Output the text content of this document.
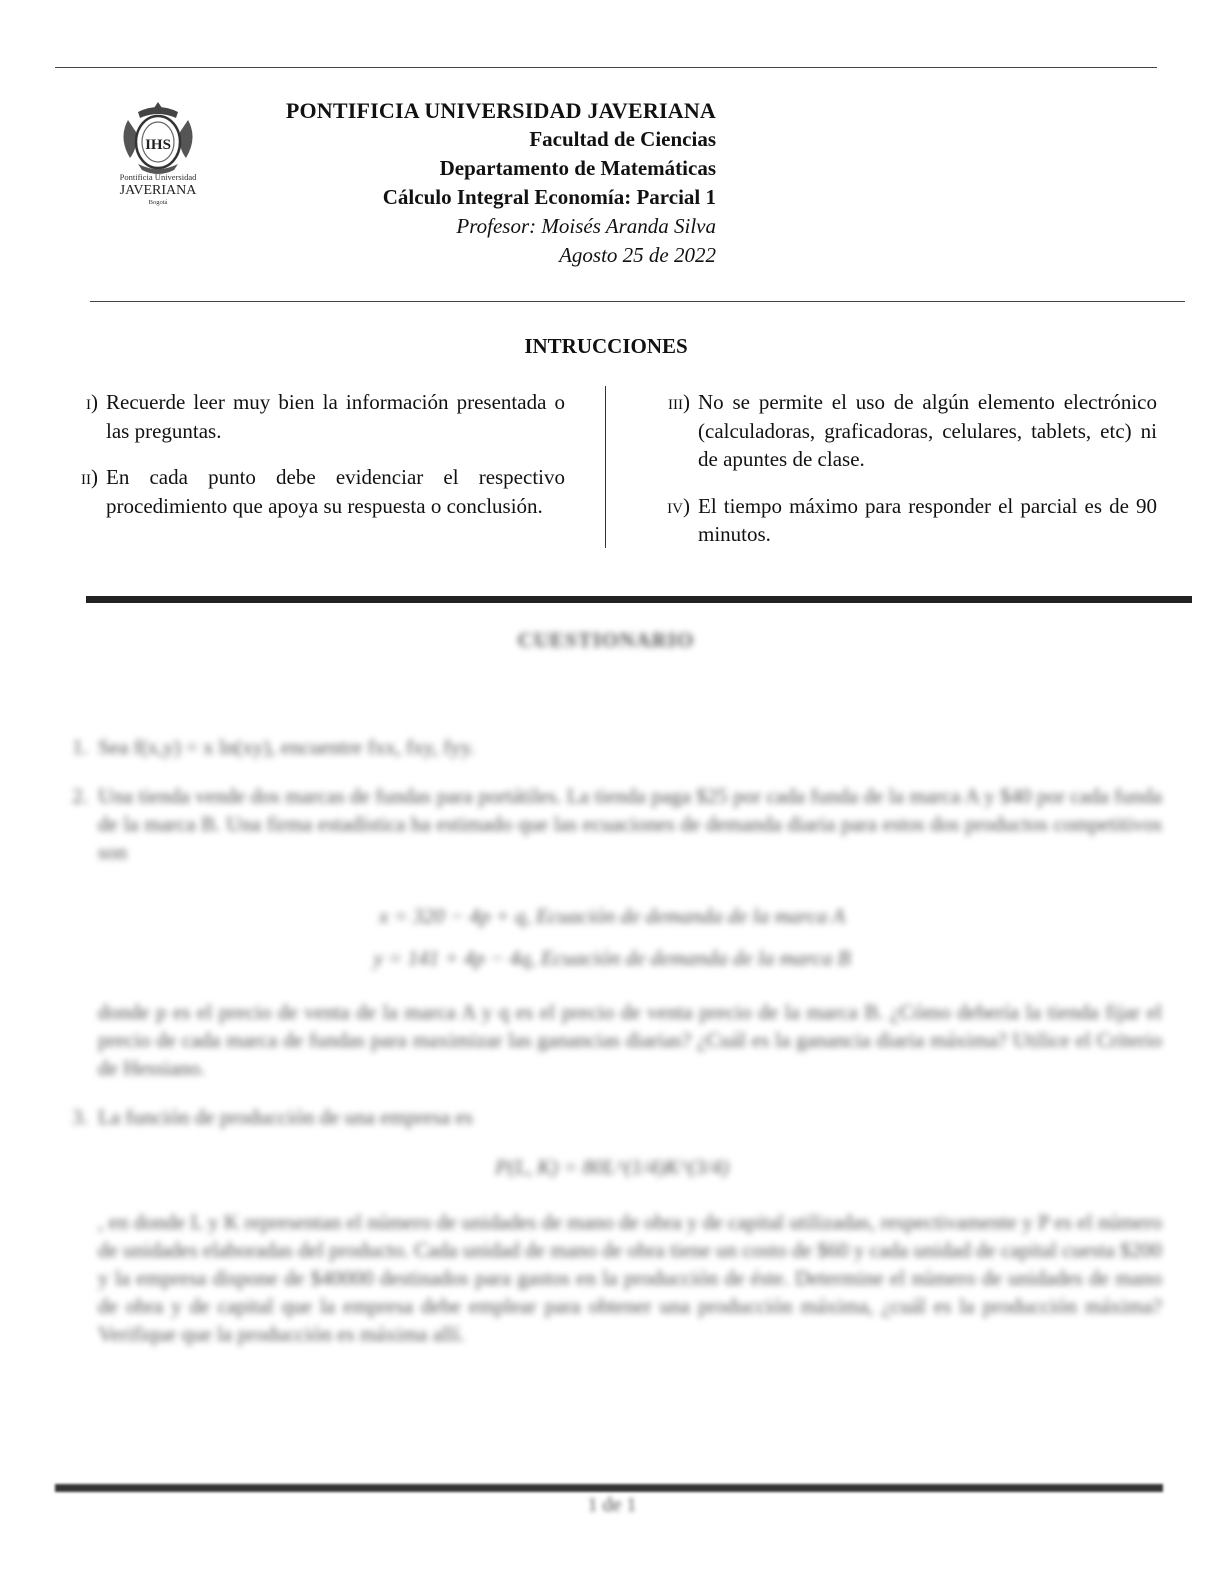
IHS
Pontificia Universidad
JAVERIANA
Bogotá
PONTIFICIA UNIVERSIDAD JAVERIANA
Facultad de Ciencias
Departamento de Matemáticas
Cálculo Integral Economía: Parcial 1
Profesor: Moisés Aranda Silva
Agosto 25 de 2022
INTRUCCIONES
i) Recuerde leer muy bien la información presentada o las preguntas.
ii) En cada punto debe evidenciar el respectivo procedimiento que apoya su respuesta o conclusión.
iii) No se permite el uso de algún elemento electrónico (calculadoras, graficadoras, celulares, tablets, etc) ni de apuntes de clase.
iv) El tiempo máximo para responder el parcial es de 90 minutos.
CUESTIONARIO
1. Sea f(x,y) = x ln(xy), encuentre fxx, fxy, fyy.
2. Una tienda vende dos marcas de fundas para portátiles. La tienda paga $25 por cada funda de la marca A y $40 por cada funda de la marca B. Una firma estadística ha estimado que las ecuaciones de demanda diaria para estos dos productos competitivos son
x = 320 − 4p + q, Ecuación de demanda de la marca A
y = 141 + 4p − 4q, Ecuación de demanda de la marca B
donde p es el precio de venta de la marca A y q es el precio de venta precio de la marca B. ¿Cómo debería la tienda fijar el precio de cada marca de fundas para maximizar las ganancias diarias? ¿Cuál es la ganancia diaria máxima? Utilice el Criterio de Hessiano.
3. La función de producción de una empresa es
P(L, K) = 80L^(1/4)K^(3/4)
, en donde L y K representan el número de unidades de mano de obra y de capital utilizadas, respectivamente y P es el número de unidades elaboradas del producto. Cada unidad de mano de obra tiene un costo de $60 y cada unidad de capital cuesta $200 y la empresa dispone de $40000 destinados para gastos en la producción de éste. Determine el número de unidades de mano de obra y de capital que la empresa debe emplear para obtener una producción máxima, ¿cuál es la producción máxima? Verifique que la producción es máxima allí.
1 de 1
